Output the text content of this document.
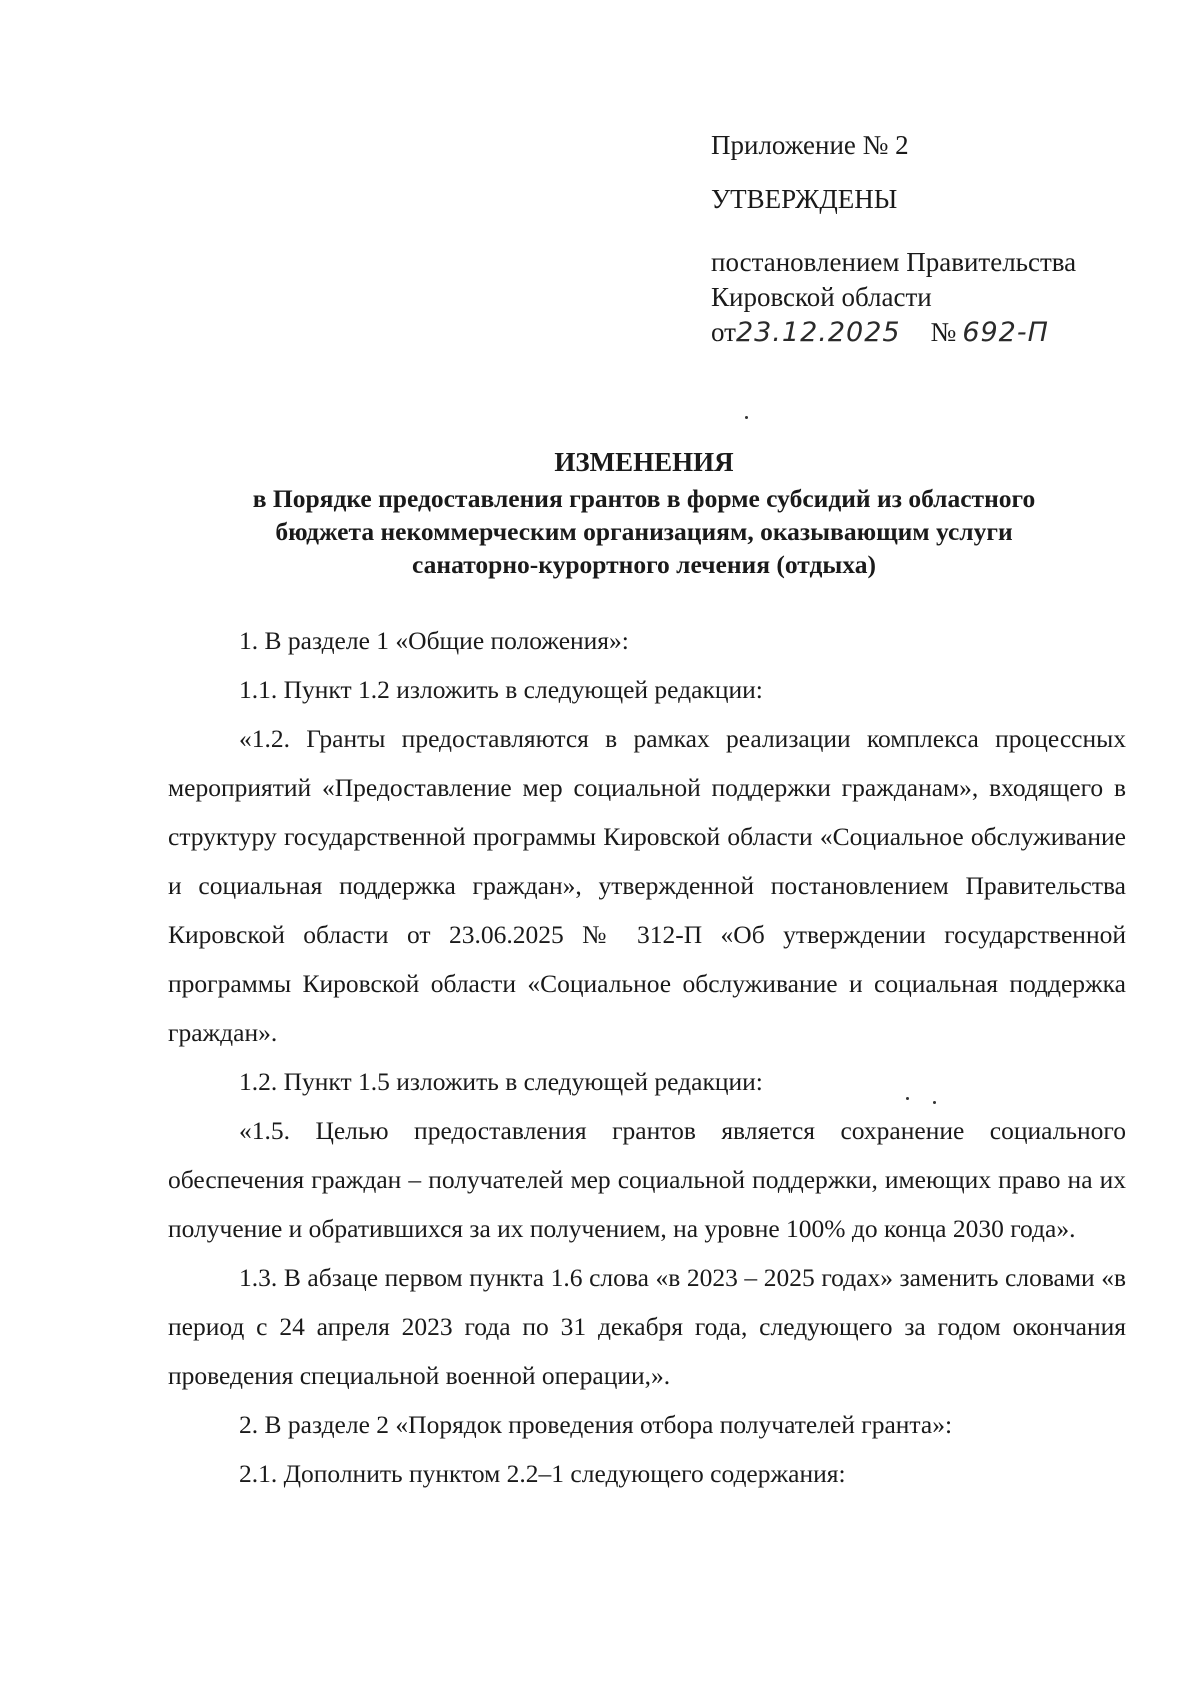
Приложение № 2
УТВЕРЖДЕНЫ
постановлением Правительства
Кировской области
от 23.12.2025 № 692-П
ИЗМЕНЕНИЯ
в Порядке предоставления грантов в форме субсидий из областного
бюджета некоммерческим организациям, оказывающим услуги
санаторно-курортного лечения (отдыха)

1. В разделе 1 «Общие положения»:

1.1. Пункт 1.2 изложить в следующей редакции:

«1.2. Гранты предоставляются в рамках реализации комплекса процессных мероприятий «Предоставление мер социальной поддержки гражданам», входящего в структуру государственной программы Кировской области «Социальное обслуживание и социальная поддержка граждан», утвержденной постановлением Правительства Кировской области от 23.06.2025 № 312-П «Об утверждении государственной программы Кировской области «Социальное обслуживание и социальная поддержка граждан».

1.2. Пункт 1.5 изложить в следующей редакции:

«1.5. Целью предоставления грантов является сохранение социального обеспечения граждан – получателей мер социальной поддержки, имеющих право на их получение и обратившихся за их получением, на уровне 100% до конца 2030 года».

1.3. В абзаце первом пункта 1.6 слова «в 2023 – 2025 годах» заменить словами «в период с 24 апреля 2023 года по 31 декабря года, следующего за годом окончания проведения специальной военной операции,».

2. В разделе 2 «Порядок проведения отбора получателей гранта»:

2.1. Дополнить пунктом 2.2–1 следующего содержания:
